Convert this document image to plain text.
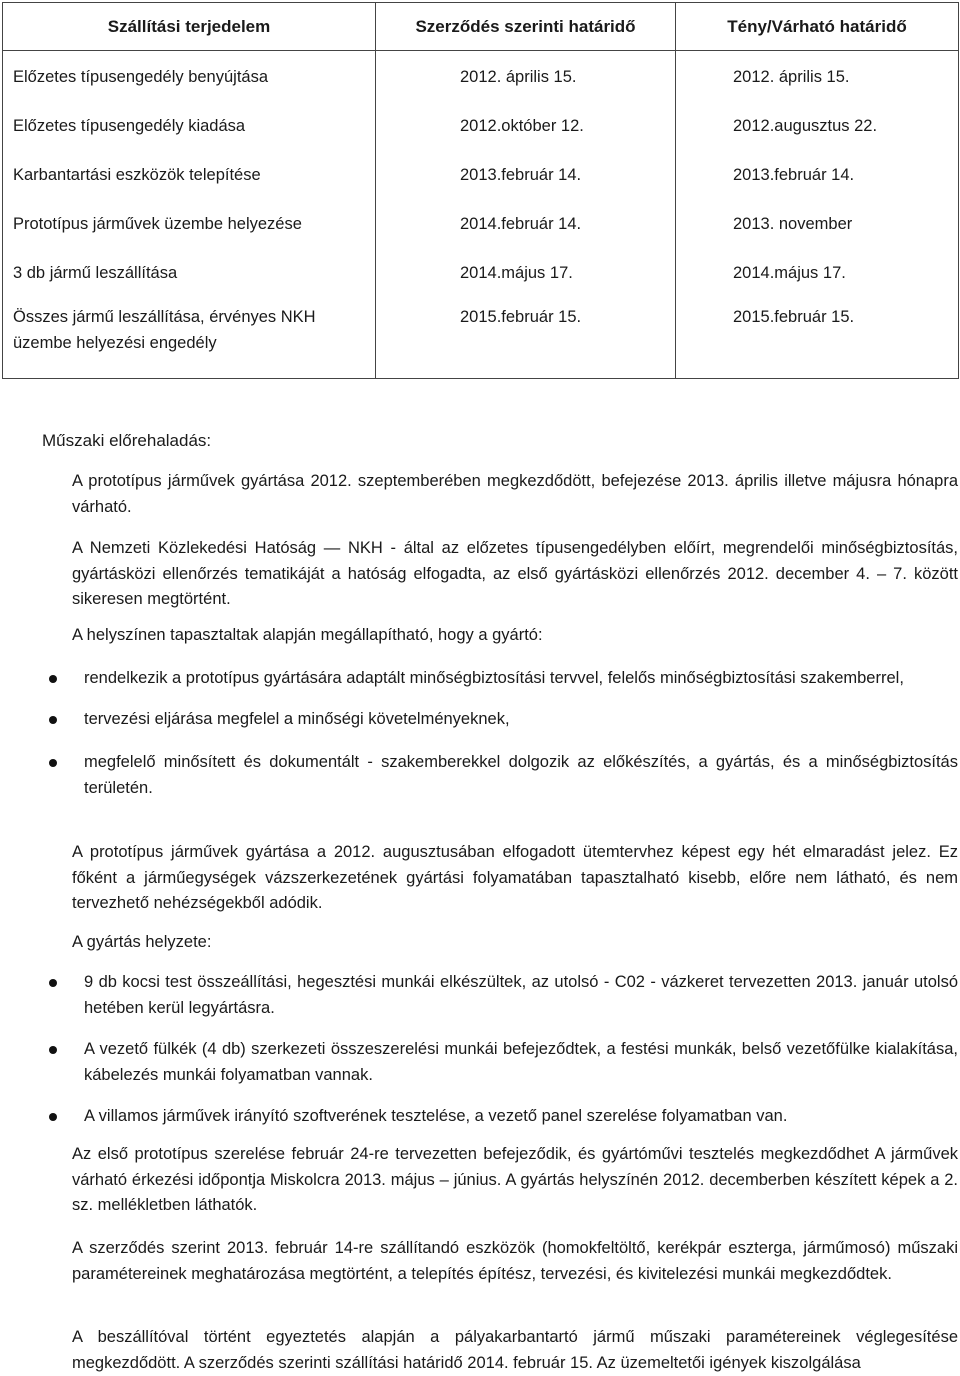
Szállítási terjedelem	Szerződés szerinti határidő	Tény/Várható határidő
Előzetes típusengedély benyújtása	2012. április 15.	2012. április 15.
Előzetes típusengedély kiadása	2012.október 12.	2012.augusztus 22.
Karbantartási eszközök telepítése	2013.február 14.	2013.február 14.
Prototípus járművek üzembe helyezése	2014.február 14.	2013. november
3 db jármű leszállítása	2014.május 17.	2014.május 17.
Összes jármű leszállítása, érvényes NKH üzembe helyezési engedély	2015.február 15.	2015.február 15.
Műszaki előrehaladás:
A prototípus járművek gyártása 2012. szeptemberében megkezdődött, befejezése 2013. április illetve májusra hónapra várható.
A Nemzeti Közlekedési Hatóság — NKH - által az előzetes típusengedélyben előírt, megrendelői minőségbiztosítás, gyártásközi ellenőrzés tematikáját a hatóság elfogadta, az első gyártásközi ellenőrzés 2012. december 4. – 7. között sikeresen megtörtént.
A helyszínen tapasztaltak alapján megállapítható, hogy a gyártó:
rendelkezik a prototípus gyártására adaptált minőségbiztosítási tervvel, felelős minőségbiztosítási szakemberrel,
tervezési eljárása megfelel a minőségi követelményeknek,
megfelelő minősített és dokumentált - szakemberekkel dolgozik az előkészítés, a gyártás, és a minőségbiztosítás területén.
A prototípus járművek gyártása a 2012. augusztusában elfogadott ütemtervhez képest egy hét elmaradást jelez. Ez főként a járműegységek vázszerkezetének gyártási folyamatában tapasztalható kisebb, előre nem látható, és nem tervezhető nehézségekből adódik.
A gyártás helyzete:
9 db kocsi test összeállítási, hegesztési munkái elkészültek, az utolsó - C02 - vázkeret tervezetten 2013. január utolsó hetében kerül legyártásra.
A vezető fülkék (4 db) szerkezeti összeszerelési munkái befejeződtek, a festési munkák, belső vezetőfülke kialakítása, kábelezés munkái folyamatban vannak.
A villamos járművek irányító szoftverének tesztelése, a vezető panel szerelése folyamatban van.
Az első prototípus szerelése február 24-re tervezetten befejeződik, és gyártóművi tesztelés megkezdődhet A járművek várható érkezési időpontja Miskolcra 2013. május – június. A gyártás helyszínén 2012. decemberben készített képek a 2. sz. mellékletben láthatók.
A szerződés szerint 2013. február 14-re szállítandó eszközök (homokfeltöltő, kerékpár eszterga, járműmosó) műszaki paramétereinek meghatározása megtörtént, a telepítés építész, tervezési, és kivitelezési munkái megkezdődtek.
A beszállítóval történt egyeztetés alapján a pályakarbantartó jármű műszaki paramétereinek véglegesítése megkezdődött. A szerződés szerinti szállítási határidő 2014. február 15. Az üzemeltetői igények kiszolgálása
